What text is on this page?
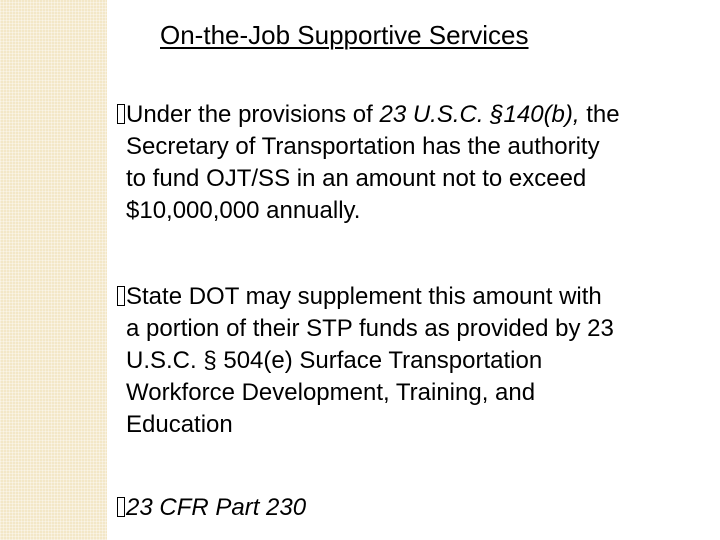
On-the-Job Supportive Services
Under the provisions of 23 U.S.C. §140(b), the
Secretary of Transportation has the authority
to fund OJT/SS in an amount not to exceed
$10,000,000 annually.
State DOT may supplement this amount with
a portion of their STP funds as provided by 23
U.S.C. § 504(e) Surface Transportation
Workforce Development, Training, and
Education
23 CFR Part 230
